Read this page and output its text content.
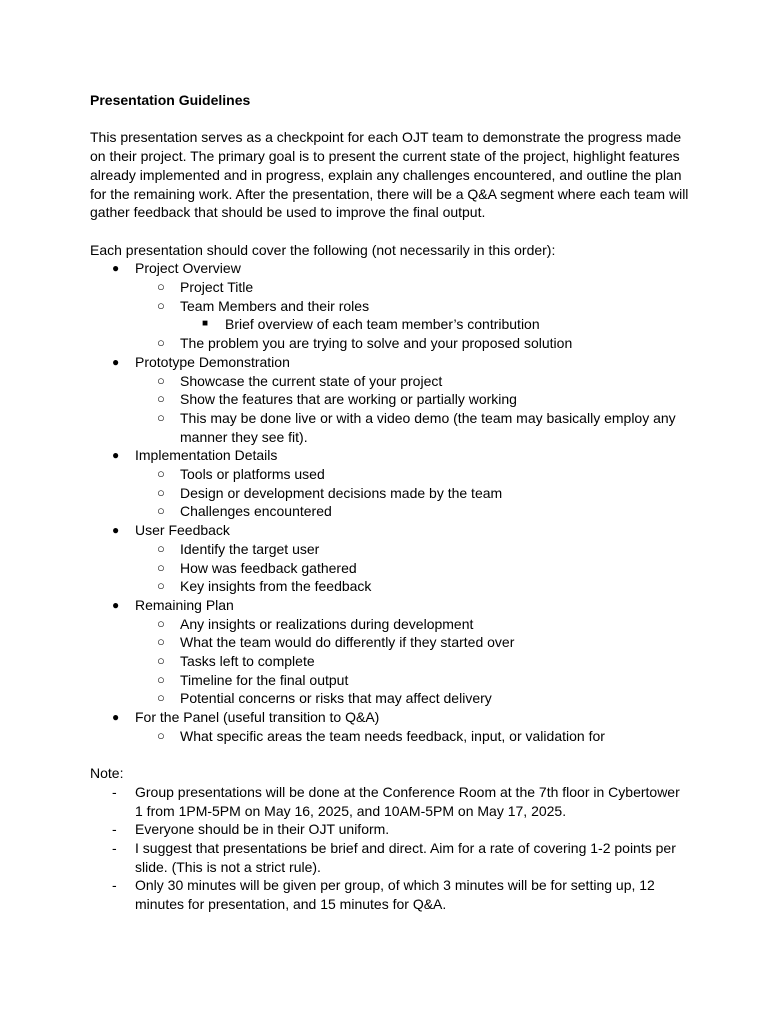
Presentation Guidelines

This presentation serves as a checkpoint for each OJT team to demonstrate the progress made on their project. The primary goal is to present the current state of the project, highlight features already implemented and in progress, explain any challenges encountered, and outline the plan for the remaining work. After the presentation, there will be a Q&A segment where each team will gather feedback that should be used to improve the final output.

Each presentation should cover the following (not necessarily in this order):

● Project Overview
○ Project Title
○ Team Members and their roles
■ Brief overview of each team member’s contribution
○ The problem you are trying to solve and your proposed solution
● Prototype Demonstration
○ Showcase the current state of your project
○ Show the features that are working or partially working
○ This may be done live or with a video demo (the team may basically employ any manner they see fit).
● Implementation Details
○ Tools or platforms used
○ Design or development decisions made by the team
○ Challenges encountered
● User Feedback
○ Identify the target user
○ How was feedback gathered
○ Key insights from the feedback
● Remaining Plan
○ Any insights or realizations during development
○ What the team would do differently if they started over
○ Tasks left to complete
○ Timeline for the final output
○ Potential concerns or risks that may affect delivery
● For the Panel (useful transition to Q&A)
○ What specific areas the team needs feedback, input, or validation for

Note:

- Group presentations will be done at the Conference Room at the 7th floor in Cybertower 1 from 1PM-5PM on May 16, 2025, and 10AM-5PM on May 17, 2025.
- Everyone should be in their OJT uniform.
- I suggest that presentations be brief and direct. Aim for a rate of covering 1-2 points per slide. (This is not a strict rule).
- Only 30 minutes will be given per group, of which 3 minutes will be for setting up, 12 minutes for presentation, and 15 minutes for Q&A.
